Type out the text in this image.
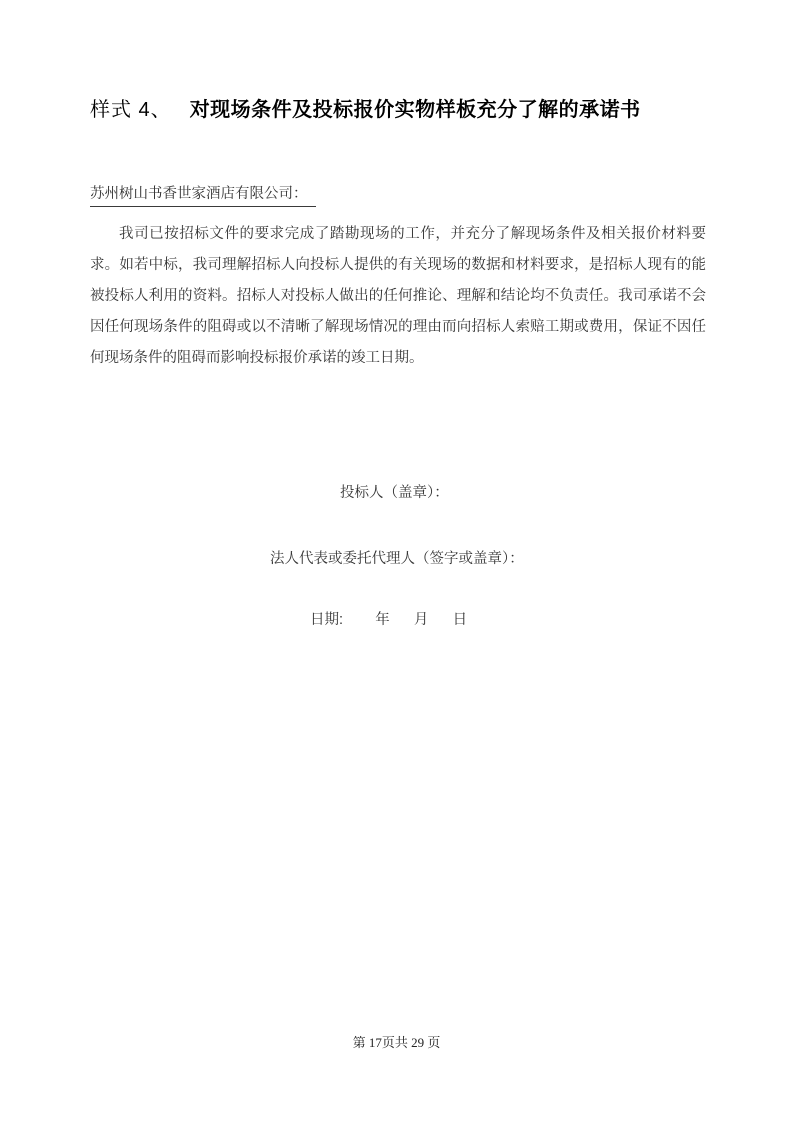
样式 4、 对现场条件及投标报价实物样板充分了解的承诺书
苏州树山书香世家酒店有限公司：

我司已按招标文件的要求完成了踏勘现场的工作，并充分了解现场条件及相关报价材料要求。如若中标，我司理解招标人向投标人提供的有关现场的数据和材料要求，是招标人现有的能被投标人利用的资料。招标人对投标人做出的任何推论、理解和结论均不负责任。我司承诺不会因任何现场条件的阻碍或以不清晰了解现场情况的理由而向招标人索赔工期或费用，保证不因任何现场条件的阻碍而影响投标报价承诺的竣工日期。

投标人（盖章）：
法人代表或委托代理人（签字或盖章）：
日期:        年      月      日
第 17页共 29 页
